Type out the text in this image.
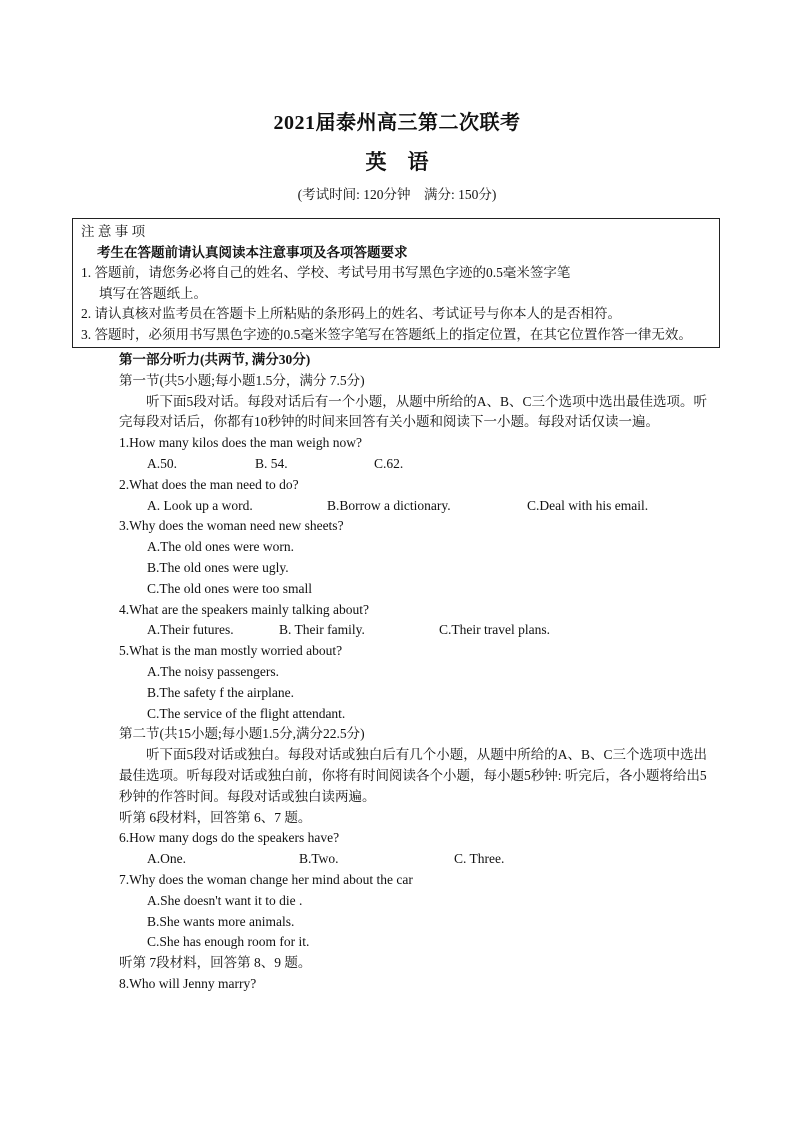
2021届泰州高三第二次联考
英　语
(考试时间: 120分钟　满分: 150分)
注 意 事 项
考生在答题前请认真阅读本注意事项及各项答题要求
1. 答题前，请您务必将自己的姓名、学校、考试号用书写黑色字迹的0.5毫米签字笔
填写在答题纸上。
2. 请认真核对监考员在答题卡上所粘贴的条形码上的姓名、考试证号与你本人的是否相符。
3. 答题时，必须用书写黑色字迹的0.5毫米签字笔写在答题纸上的指定位置，在其它位置作答一律无效。
第一部分听力(共两节, 满分30分)
第一节(共5小题;每小题1.5分，满分 7.5分)
听下面5段对话。每段对话后有一个小题，从题中所给的A、B、C三个选项中选出最佳选项。听完每段对话后，你都有10秒钟的时间来回答有关小题和阅读下一小题。每段对话仅读一遍。
1.How many kilos does the man weigh now?
A.50.	B. 54.	C.62.
2.What does the man need to do?
A. Look up a word.	B.Borrow a dictionary.	C.Deal with his email.
3.Why does the woman need new sheets?
A.The old ones were worn.
B.The old ones were ugly.
C.The old ones were too small
4.What are the speakers mainly talking about?
A.Their futures.	B. Their family.	C.Their travel plans.
5.What is the man mostly worried about?
A.The noisy passengers.
B.The safety f the airplane.
C.The service of the flight attendant.
第二节(共15小题;每小题1.5分,满分22.5分)
听下面5段对话或独白。每段对话或独白后有几个小题，从题中所给的A、B、C三个选项中选出最佳选项。听每段对话或独白前，你将有时间阅读各个小题，每小题5秒钟: 听完后，各小题将给出5秒钟的作答时间。每段对话或独白读两遍。
听第 6段材料，回答第 6、7 题。
6.How many dogs do the speakers have?
A.One.	B.Two.	C. Three.
7.Why does the woman change her mind about the car
A.She doesn't want it to die .
B.She wants more animals.
C.She has enough room for it.
听第 7段材料，回答第 8、9 题。
8.Who will Jenny marry?
